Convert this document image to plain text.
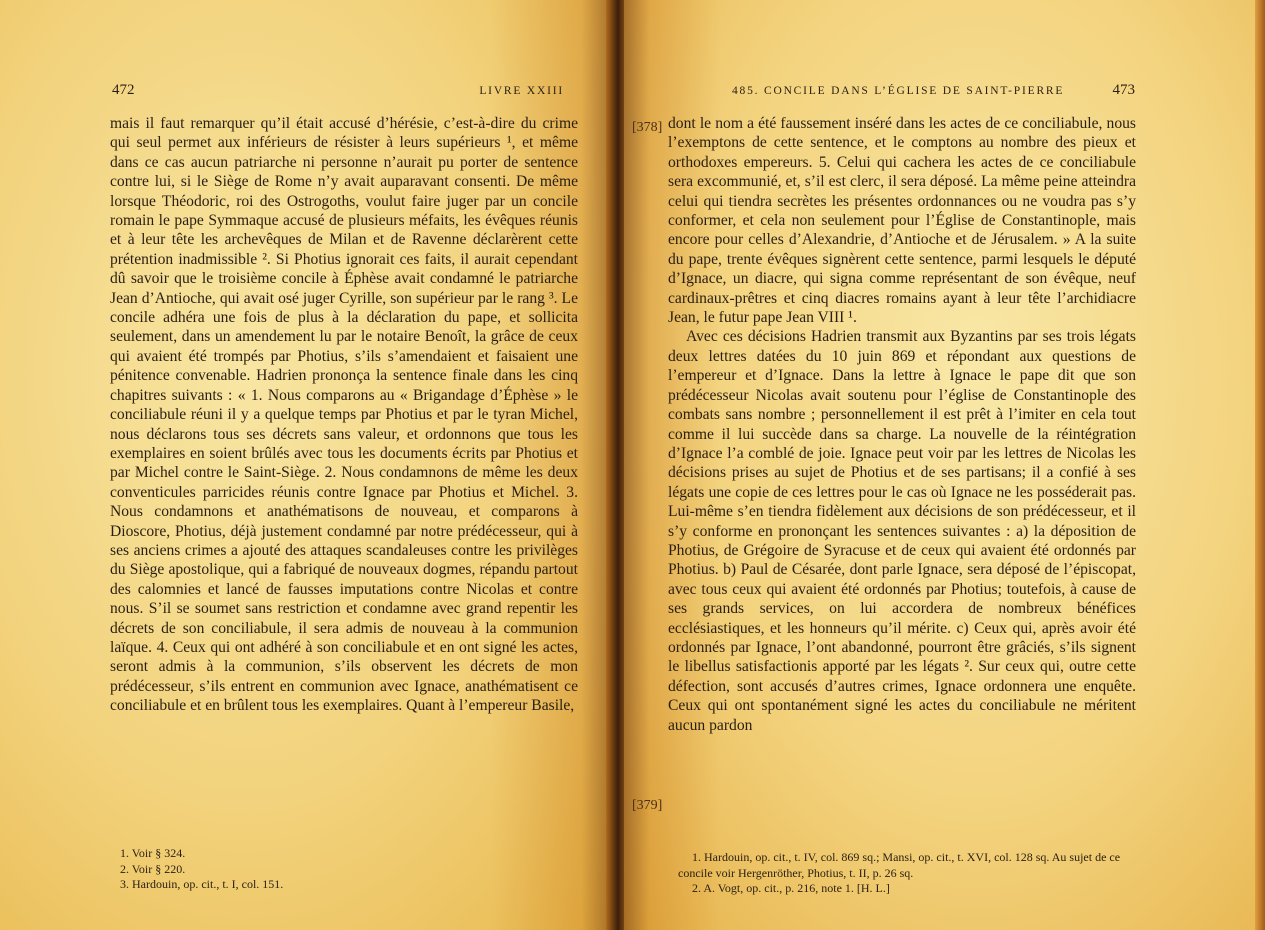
472	LIVRE XXIII

mais il faut remarquer qu’il était accusé d’hérésie, c’est-à-dire du crime qui seul permet aux inférieurs de résister à leurs supérieurs ¹, et même dans ce cas aucun patriarche ni personne n’aurait pu porter de sentence contre lui, si le Siège de Rome n’y avait auparavant consenti. De même lorsque Théodoric, roi des Ostrogoths, voulut faire juger par un concile romain le pape Symmaque accusé de plusieurs méfaits, les évêques réunis et à leur tête les archevêques de Milan et de Ravenne déclarèrent cette prétention inadmissible ². Si Photius ignorait ces faits, il aurait cependant dû savoir que le troisième concile à Éphèse avait condamné le patriarche Jean d’Antioche, qui avait osé juger Cyrille, son supérieur par le rang ³. Le concile adhéra une fois de plus à la déclaration du pape, et sollicita seulement, dans un amendement lu par le notaire Benoît, la grâce de ceux qui avaient été trompés par Photius, s’ils s’amendaient et faisaient une pénitence convenable. Hadrien prononça la sentence finale dans les cinq chapitres suivants : « 1. Nous comparons au « Brigandage d’Éphèse » le conciliabule réuni il y a quelque temps par Photius et par le tyran Michel, nous déclarons tous ses décrets sans valeur, et ordonnons que tous les exemplaires en soient brûlés avec tous les documents écrits par Photius et par Michel contre le Saint-Siège. 2. Nous condamnons de même les deux conventicules parricides réunis contre Ignace par Photius et Michel. 3. Nous condamnons et anathématisons de nouveau, et comparons à Dioscore, Photius, déjà justement condamné par notre prédécesseur, qui à ses anciens crimes a ajouté des attaques scandaleuses contre les privilèges du Siège apostolique, qui a fabriqué de nouveaux dogmes, répandu partout des calomnies et lancé de fausses imputations contre Nicolas et contre nous. S’il se soumet sans restriction et condamne avec grand repentir les décrets de son conciliabule, il sera admis de nouveau à la communion laïque. 4. Ceux qui ont adhéré à son conciliabule et en ont signé les actes, seront admis à la communion, s’ils observent les décrets de mon prédécesseur, s’ils entrent en communion avec Ignace, anathématisent ce conciliabule et en brûlent tous les exemplaires. Quant à l’empereur Basile,

1. Voir § 324.
2. Voir § 220.
3. Hardouin, op. cit., t. I, col. 151.
485. CONCILE DANS L’ÉGLISE DE SAINT-PIERRE	473
[378]
[379]

dont le nom a été faussement inséré dans les actes de ce conciliabule, nous l’exemptons de cette sentence, et le comptons au nombre des pieux et orthodoxes empereurs. 5. Celui qui cachera les actes de ce conciliabule sera excommunié, et, s’il est clerc, il sera déposé. La même peine atteindra celui qui tiendra secrètes les présentes ordonnances ou ne voudra pas s’y conformer, et cela non seulement pour l’Église de Constantinople, mais encore pour celles d’Alexandrie, d’Antioche et de Jérusalem. » A la suite du pape, trente évêques signèrent cette sentence, parmi lesquels le député d’Ignace, un diacre, qui signa comme représentant de son évêque, neuf cardinaux-prêtres et cinq diacres romains ayant à leur tête l’archidiacre Jean, le futur pape Jean VIII ¹.

Avec ces décisions Hadrien transmit aux Byzantins par ses trois légats deux lettres datées du 10 juin 869 et répondant aux questions de l’empereur et d’Ignace. Dans la lettre à Ignace le pape dit que son prédécesseur Nicolas avait soutenu pour l’église de Constantinople des combats sans nombre ; personnellement il est prêt à l’imiter en cela tout comme il lui succède dans sa charge. La nouvelle de la réintégration d’Ignace l’a comblé de joie. Ignace peut voir par les lettres de Nicolas les décisions prises au sujet de Photius et de ses partisans; il a confié à ses légats une copie de ces lettres pour le cas où Ignace ne les posséderait pas. Lui-même s’en tiendra fidèlement aux décisions de son prédécesseur, et il s’y conforme en prononçant les sentences suivantes : a) la déposition de Photius, de Grégoire de Syracuse et de ceux qui avaient été ordonnés par Photius. b) Paul de Césarée, dont parle Ignace, sera déposé de l’épiscopat, avec tous ceux qui avaient été ordonnés par Photius; toutefois, à cause de ses grands services, on lui accordera de nombreux bénéfices ecclésiastiques, et les honneurs qu’il mérite. c) Ceux qui, après avoir été ordonnés par Ignace, l’ont abandonné, pourront être grâciés, s’ils signent le libellus satisfactionis apporté par les légats ². Sur ceux qui, outre cette défection, sont accusés d’autres crimes, Ignace ordonnera une enquête. Ceux qui ont spontanément signé les actes du conciliabule ne méritent aucun pardon

1. Hardouin, op. cit., t. IV, col. 869 sq.; Mansi, op. cit., t. XVI, col. 128 sq. Au sujet de ce concile voir Hergenröther, Photius, t. II, p. 26 sq.
2. A. Vogt, op. cit., p. 216, note 1. [H. L.]
